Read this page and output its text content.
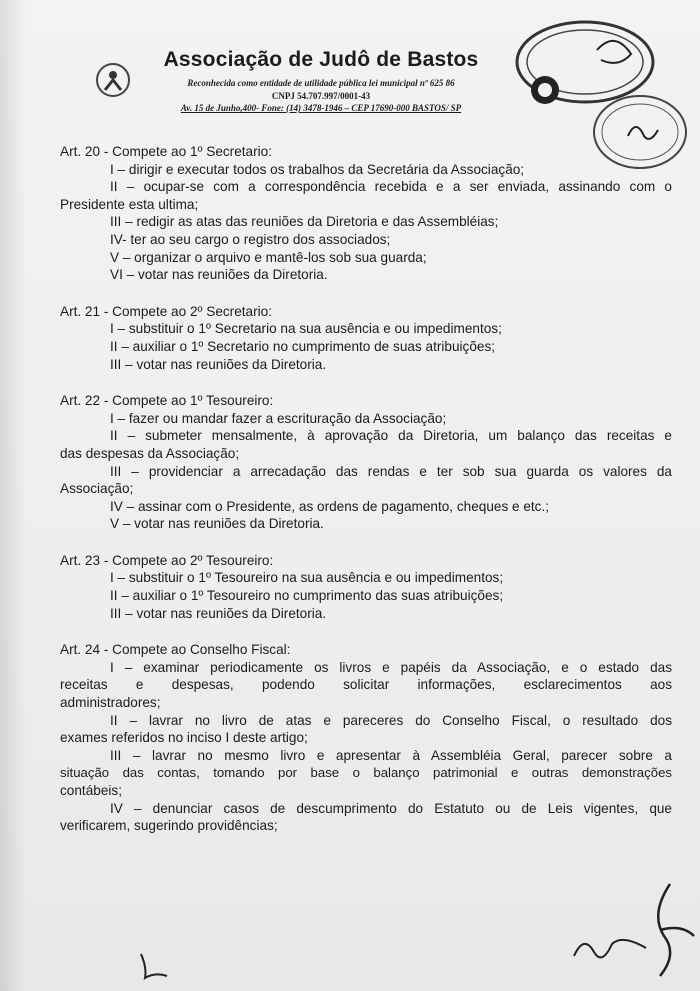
Associação de Judô de Bastos
Reconhecida como entidade de utilidade pública lei municipal nº 625 86
CNPJ 54.707.997/0001-43
Av. 15 de Junho,400- Fone: (14) 3478-1946 – CEP 17690-000 BASTOS/ SP
Art. 20 - Compete ao 1º Secretario:
I – dirigir e executar todos os trabalhos da Secretária da Associação;
II – ocupar-se com a correspondência recebida e a ser enviada, assinando com o
Presidente esta ultima;
III – redigir as atas das reuniões da Diretoria e das Assembléias;
IV- ter ao seu cargo o registro dos associados;
V – organizar o arquivo e mantê-los sob sua guarda;
VI – votar nas reuniões da Diretoria.
Art. 21 - Compete ao 2º Secretario:
I – substituir o 1º Secretario na sua ausência e ou impedimentos;
II – auxiliar o 1º Secretario no cumprimento de suas atribuições;
III – votar nas reuniões da Diretoria.
Art. 22 - Compete ao 1º Tesoureiro:
I – fazer ou mandar fazer a escrituração da Associação;
II – submeter mensalmente, à aprovação da Diretoria, um balanço das receitas e
das despesas da Associação;
III – providenciar a arrecadação das rendas e ter sob sua guarda os valores da
Associação;
IV – assinar com o Presidente, as ordens de pagamento, cheques e etc.;
V – votar nas reuniões da Diretoria.
Art. 23 - Compete ao 2º Tesoureiro:
I – substituir o 1º Tesoureiro na sua ausência e ou impedimentos;
II – auxiliar o 1º Tesoureiro no cumprimento das suas atribuições;
III – votar nas reuniões da Diretoria.
Art. 24 - Compete ao Conselho Fiscal:
I – examinar periodicamente os livros e papéis da Associação, e o estado das
receitas e despesas, podendo solicitar informações, esclarecimentos aos
administradores;
II – lavrar no livro de atas e pareceres do Conselho Fiscal, o resultado dos
exames referidos no inciso I deste artigo;
III – lavrar no mesmo livro e apresentar à Assembléia Geral, parecer sobre a
situação das contas, tomando por base o balanço patrimonial e outras demonstrações
contábeis;
IV – denunciar casos de descumprimento do Estatuto ou de Leis vigentes, que
verificarem, sugerindo providências;
